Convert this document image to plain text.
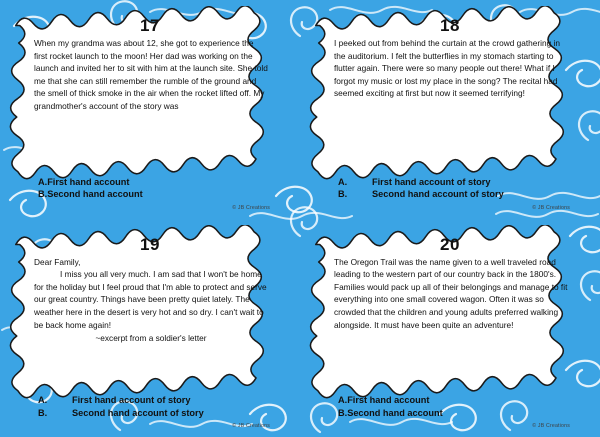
17
When my grandma was about 12, she got to experience the first rocket launch to the moon! Her dad was working on the launch and invited her to sit with him at the launch site. She told me that she can still remember the rumble of the ground and the smell of thick smoke in the air when the rocket lifted off. My grandmother's account of the story was
A.First hand account
B.Second hand account
© JB Creations
18
I peeked out from behind the curtain at the crowd gathering in the auditorium. I felt the butterflies in my stomach starting to flutter again. There were so many people out there! What if I forgot my music or lost my place in the song? The recital had seemed exciting at first but now it seemed terrifying!
A.	First hand account of story
B.	Second hand account of story
© JB Creations
19
Dear Family,
I miss you all very much. I am sad that I won't be home for the holiday but I feel proud that I'm able to protect and serve our great country. Things have been pretty quiet lately. The weather here in the desert is very hot and so dry. I can't wait to be back home again!
~excerpt from a soldier's letter
A.	First hand account of story
B.	Second hand account of story
© JB Creations
20
The Oregon Trail was the name given to a well traveled road leading to the western part of our country back in the 1800's. Families would pack up all of their belongings and manage to fit everything into one small covered wagon. Often it was so crowded that the children and young adults preferred walking alongside. It must have been quite an adventure!
A.First hand account
B.Second hand account
© JB Creations
